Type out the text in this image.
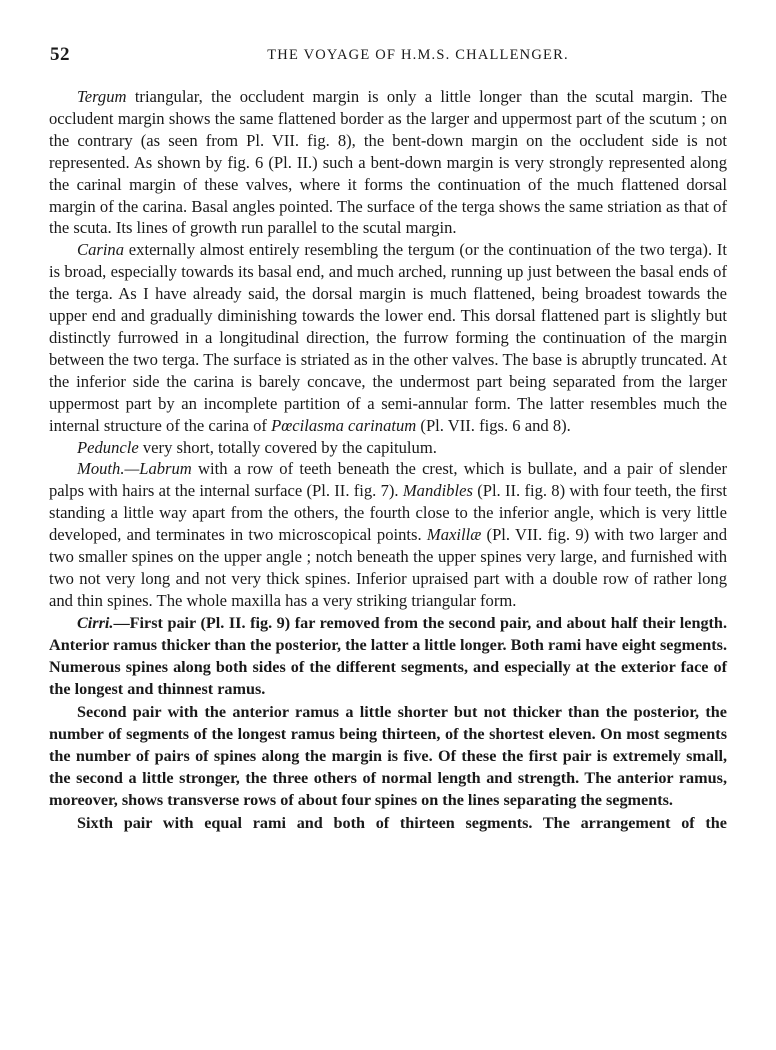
52	THE VOYAGE OF H.M.S. CHALLENGER.

Tergum triangular, the occludent margin is only a little longer than the scutal margin. The occludent margin shows the same flattened border as the larger and uppermost part of the scutum ; on the contrary (as seen from Pl. VII. fig. 8), the bent-down margin on the occludent side is not represented. As shown by fig. 6 (Pl. II.) such a bent-down margin is very strongly represented along the carinal margin of these valves, where it forms the continuation of the much flattened dorsal margin of the carina. Basal angles pointed. The surface of the terga shows the same striation as that of the scuta. Its lines of growth run parallel to the scutal margin.

Carina externally almost entirely resembling the tergum (or the continuation of the two terga). It is broad, especially towards its basal end, and much arched, running up just between the basal ends of the terga. As I have already said, the dorsal margin is much flattened, being broadest towards the upper end and gradually diminishing towards the lower end. This dorsal flattened part is slightly but distinctly furrowed in a longitudinal direction, the furrow forming the continuation of the margin between the two terga. The surface is striated as in the other valves. The base is abruptly truncated. At the inferior side the carina is barely concave, the undermost part being separated from the larger uppermost part by an incomplete partition of a semi-annular form. The latter resembles much the internal structure of the carina of Pœcilasma carinatum (Pl. VII. figs. 6 and 8).

Peduncle very short, totally covered by the capitulum.

Mouth.—Labrum with a row of teeth beneath the crest, which is bullate, and a pair of slender palps with hairs at the internal surface (Pl. II. fig. 7). Mandibles (Pl. II. fig. 8) with four teeth, the first standing a little way apart from the others, the fourth close to the inferior angle, which is very little developed, and terminates in two microscopical points. Maxillæ (Pl. VII. fig. 9) with two larger and two smaller spines on the upper angle ; notch beneath the upper spines very large, and furnished with two not very long and not very thick spines. Inferior upraised part with a double row of rather long and thin spines. The whole maxilla has a very striking triangular form.

Cirri.—First pair (Pl. II. fig. 9) far removed from the second pair, and about half their length. Anterior ramus thicker than the posterior, the latter a little longer. Both rami have eight segments. Numerous spines along both sides of the different segments, and especially at the exterior face of the longest and thinnest ramus.

Second pair with the anterior ramus a little shorter but not thicker than the posterior, the number of segments of the longest ramus being thirteen, of the shortest eleven. On most segments the number of pairs of spines along the margin is five. Of these the first pair is extremely small, the second a little stronger, the three others of normal length and strength. The anterior ramus, moreover, shows transverse rows of about four spines on the lines separating the segments.

Sixth pair with equal rami and both of thirteen segments. The arrangement of the
